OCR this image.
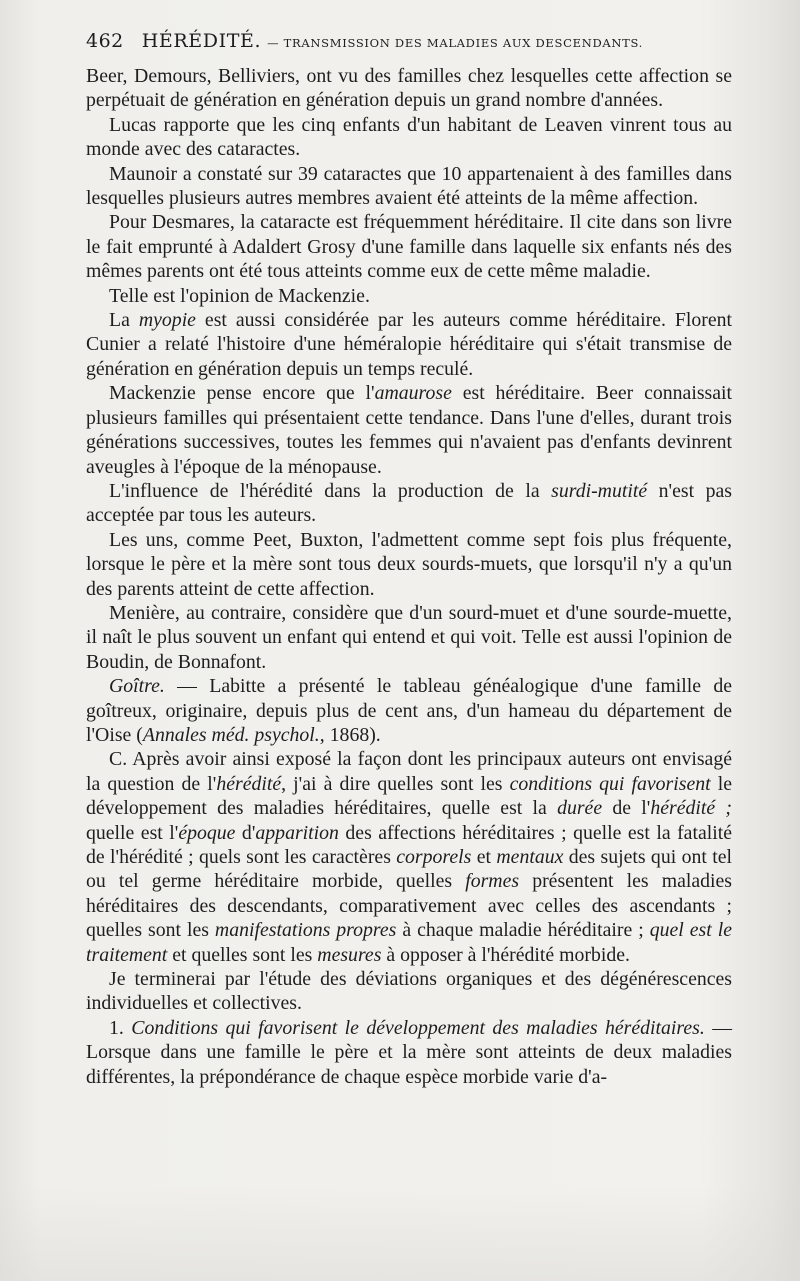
462 HÉRÉDITÉ. — TRANSMISSION DES MALADIES AUX DESCENDANTS.

Beer, Demours, Belliviers, ont vu des familles chez lesquelles cette affection se perpétuait de génération en génération depuis un grand nombre d'années.

Lucas rapporte que les cinq enfants d'un habitant de Leaven vinrent tous au monde avec des cataractes.

Maunoir a constaté sur 39 cataractes que 10 appartenaient à des familles dans lesquelles plusieurs autres membres avaient été atteints de la même affection.

Pour Desmares, la cataracte est fréquemment héréditaire. Il cite dans son livre le fait emprunté à Adaldert Grosy d'une famille dans laquelle six enfants nés des mêmes parents ont été tous atteints comme eux de cette même maladie.

Telle est l'opinion de Mackenzie.

La myopie est aussi considérée par les auteurs comme héréditaire. Florent Cunier a relaté l'histoire d'une héméralopie héréditaire qui s'était transmise de génération en génération depuis un temps reculé.

Mackenzie pense encore que l'amaurose est héréditaire. Beer connaissait plusieurs familles qui présentaient cette tendance. Dans l'une d'elles, durant trois générations successives, toutes les femmes qui n'avaient pas d'enfants devinrent aveugles à l'époque de la ménopause.

L'influence de l'hérédité dans la production de la surdi-mutité n'est pas acceptée par tous les auteurs.

Les uns, comme Peet, Buxton, l'admettent comme sept fois plus fréquente, lorsque le père et la mère sont tous deux sourds-muets, que lorsqu'il n'y a qu'un des parents atteint de cette affection.

Menière, au contraire, considère que d'un sourd-muet et d'une sourde-muette, il naît le plus souvent un enfant qui entend et qui voit. Telle est aussi l'opinion de Boudin, de Bonnafont.

Goître. — Labitte a présenté le tableau généalogique d'une famille de goîtreux, originaire, depuis plus de cent ans, d'un hameau du département de l'Oise (Annales méd. psychol., 1868).

C. Après avoir ainsi exposé la façon dont les principaux auteurs ont envisagé la question de l'hérédité, j'ai à dire quelles sont les conditions qui favorisent le développement des maladies héréditaires, quelle est la durée de l'hérédité ; quelle est l'époque d'apparition des affections héréditaires ; quelle est la fatalité de l'hérédité ; quels sont les caractères corporels et mentaux des sujets qui ont tel ou tel germe héréditaire morbide, quelles formes présentent les maladies héréditaires des descendants, comparativement avec celles des ascendants ; quelles sont les manifestations propres à chaque maladie héréditaire ; quel est le traitement et quelles sont les mesures à opposer à l'hérédité morbide.

Je terminerai par l'étude des déviations organiques et des dégénérescences individuelles et collectives.

1. Conditions qui favorisent le développement des maladies héréditaires. — Lorsque dans une famille le père et la mère sont atteints de deux maladies différentes, la prépondérance de chaque espèce morbide varie d'a-
